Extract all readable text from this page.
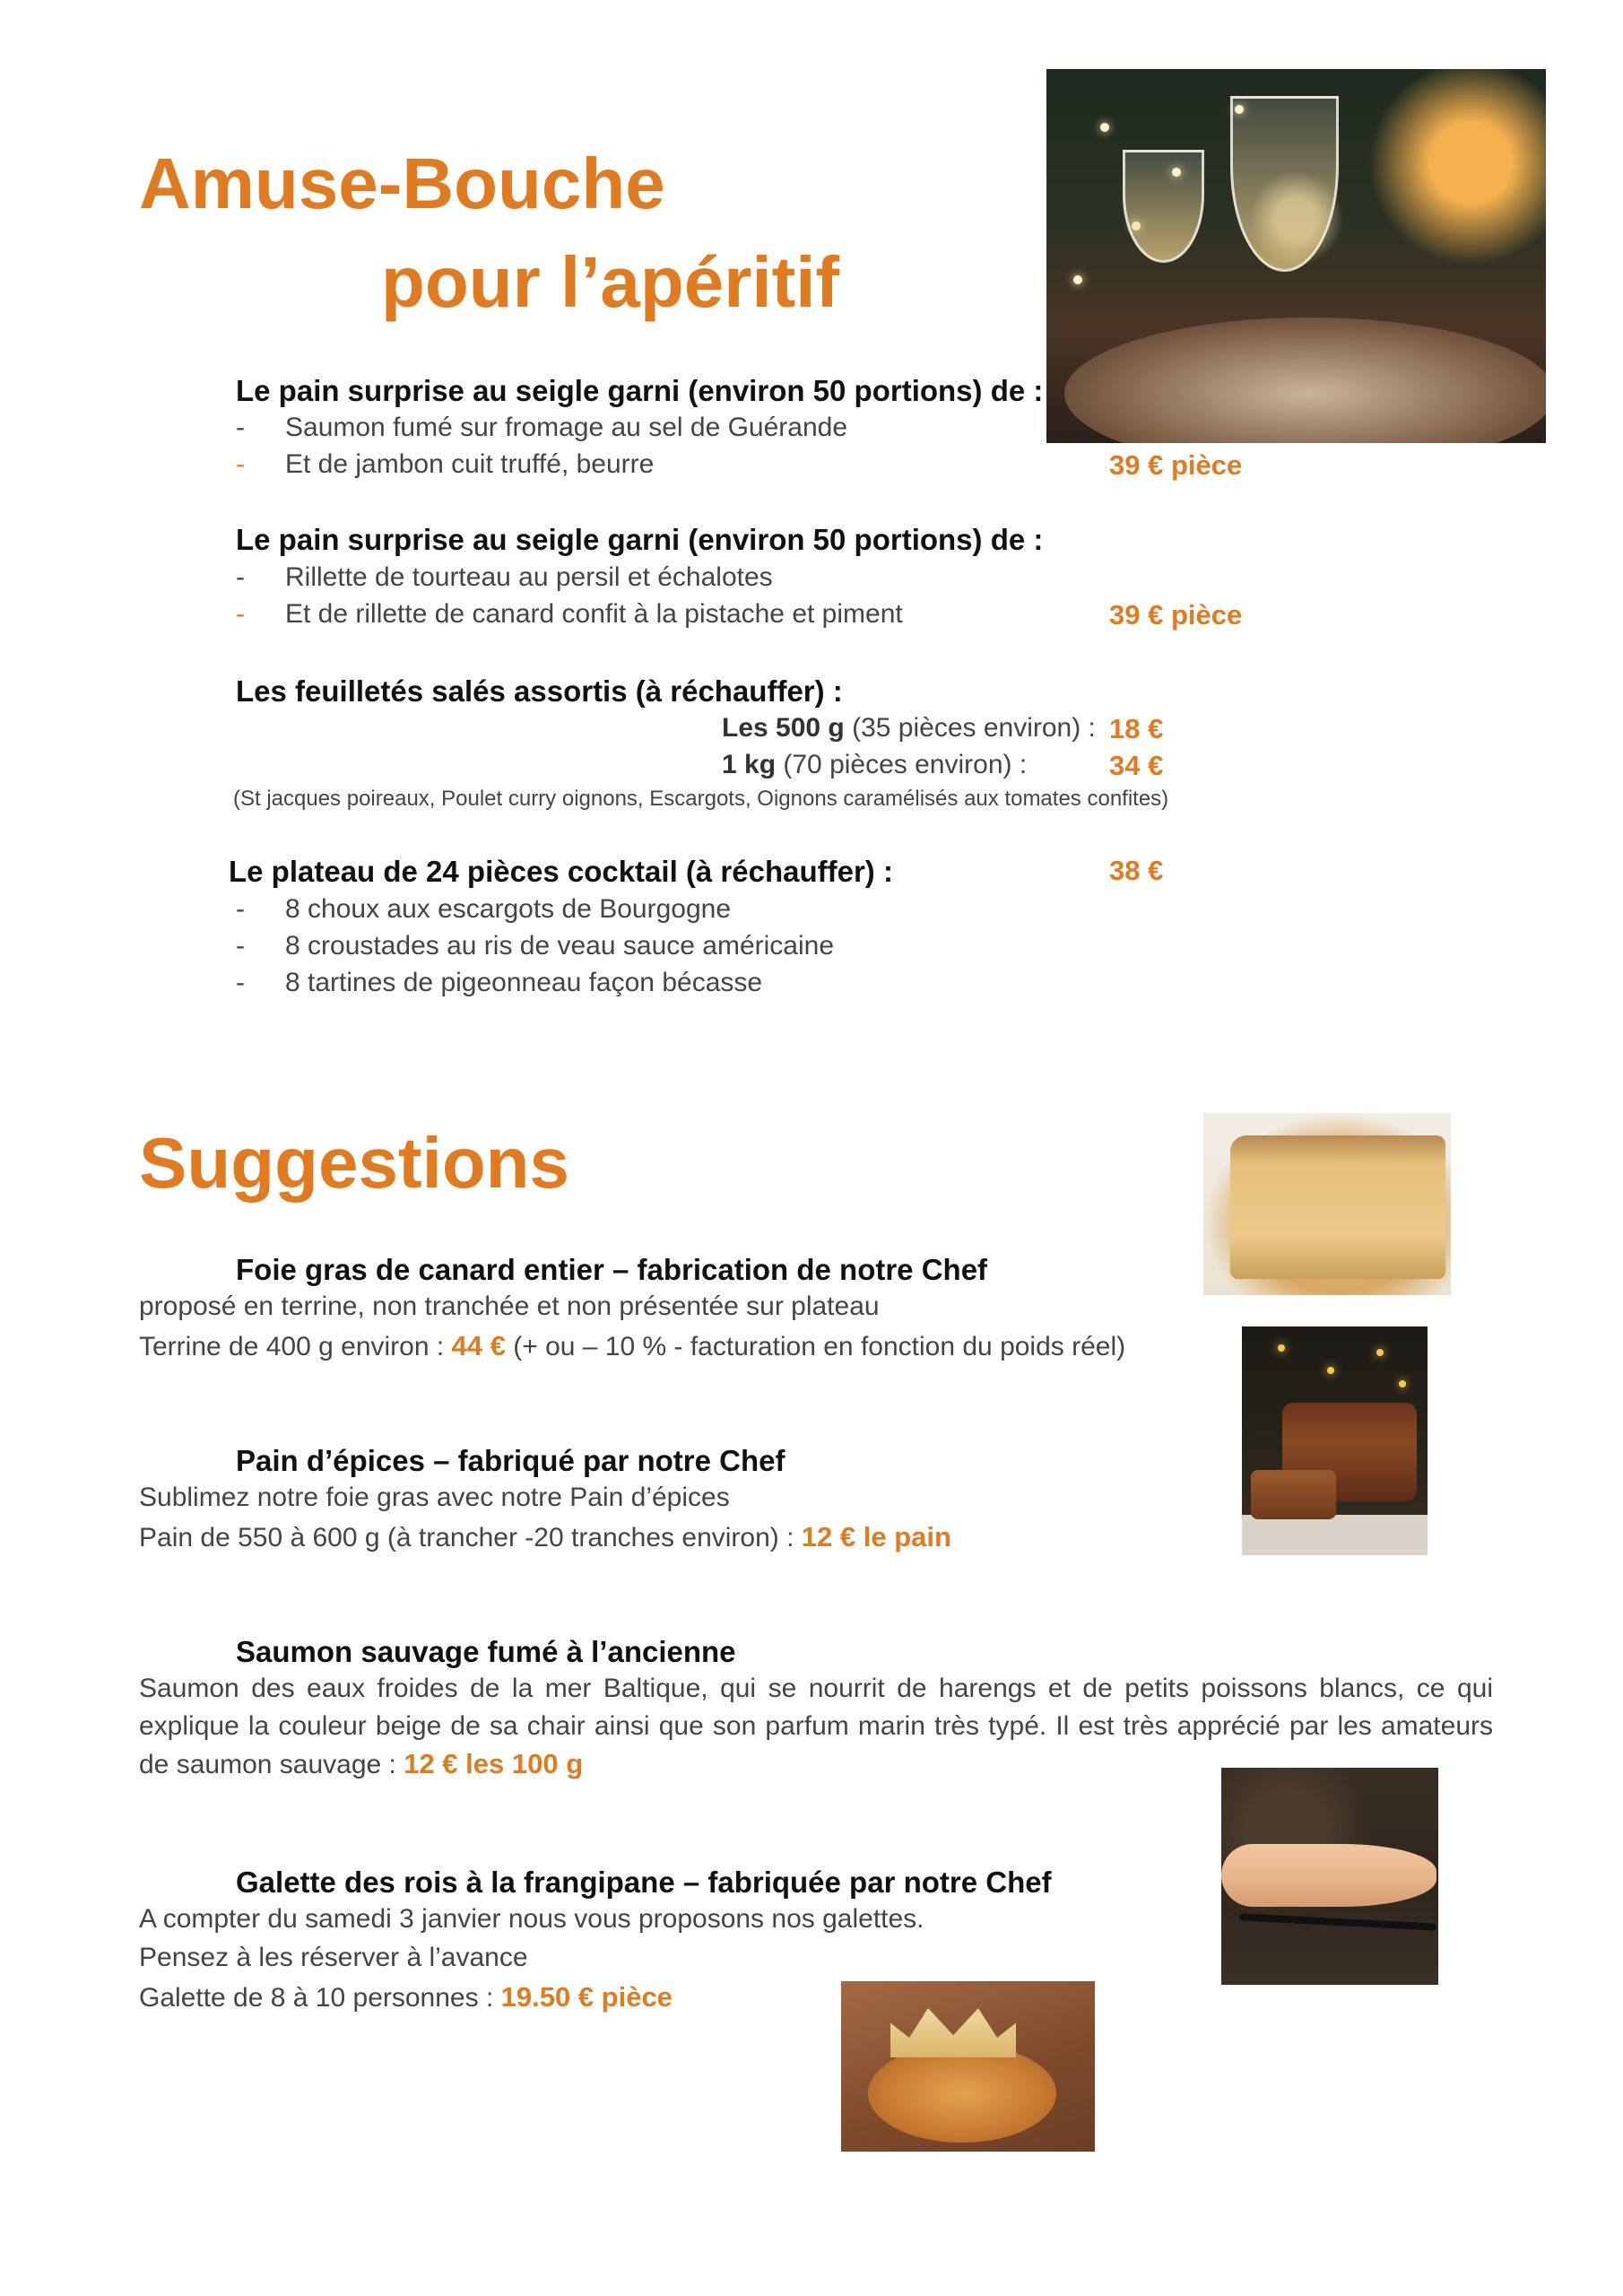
Amuse-Bouche
pour l’apéritif
Le pain surprise au seigle garni (environ 50 portions) de :
- Saumon fumé sur fromage au sel de Guérande
- Et de jambon cuit truffé, beurre	39 € pièce
Le pain surprise au seigle garni (environ 50 portions) de :
- Rillette de tourteau au persil et échalotes
- Et de rillette de canard confit à la pistache et piment	39 € pièce
Les feuilletés salés assortis (à réchauffer) :
Les 500 g (35 pièces environ) : 18 €
1 kg (70 pièces environ) :	34 €
(St jacques poireaux, Poulet curry oignons, Escargots, Oignons caramélisés aux tomates confites)
Le plateau de 24 pièces cocktail (à réchauffer) :	38 €
- 8 choux aux escargots de Bourgogne
- 8 croustades au ris de veau sauce américaine
- 8 tartines de pigeonneau façon bécasse
Suggestions
Foie gras de canard entier – fabrication de notre Chef
proposé en terrine, non tranchée et non présentée sur plateau
Terrine de 400 g environ : 44 € (+ ou – 10 % - facturation en fonction du poids réel)
Pain d’épices – fabriqué par notre Chef
Sublimez notre foie gras avec notre Pain d’épices
Pain de 550 à 600 g (à trancher -20 tranches environ) : 12 € le pain
Saumon sauvage fumé à l’ancienne
Saumon des eaux froides de la mer Baltique, qui se nourrit de harengs et de petits poissons blancs, ce qui explique la couleur beige de sa chair ainsi que son parfum marin très typé. Il est très apprécié par les amateurs de saumon sauvage : 12 € les 100 g
Galette des rois à la frangipane – fabriquée par notre Chef
A compter du samedi 3 janvier nous vous proposons nos galettes.
Pensez à les réserver à l’avance
Galette de 8 à 10 personnes : 19.50 € pièce
